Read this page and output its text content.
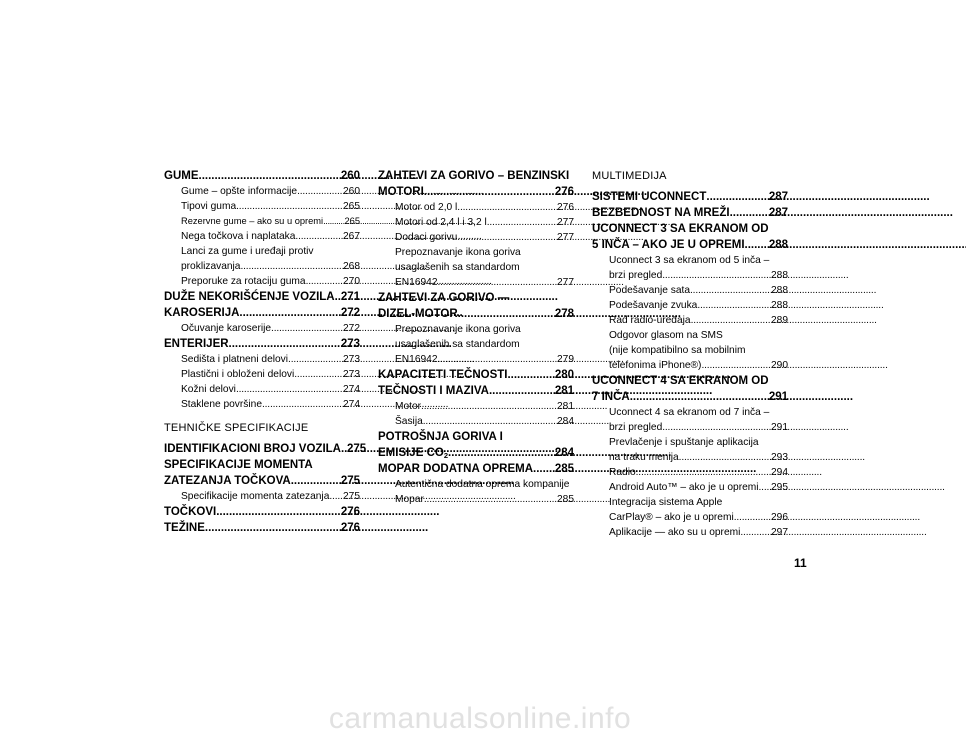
GUME . . .	260
Gume – opšte informacije . . .	260
Tipovi guma . . .	265
Rezervne gume – ako su u opremi . . . 265
Nega točkova i naplataka . . .	267
Lanci za gume i uređaji protiv
proklizavanja . . .	268
Preporuke za rotaciju guma . . .	270
DUŽE NEKORIŠĆENJE VOZILA . . . 271
KAROSERIJA . . .	272
Očuvanje karoserije . . .	272
ENTERIJER . . .	273
Sedišta i platneni delovi . . .	273
Plastični i obloženi delovi . . .	273
Kožni delovi . . .	274
Staklene površine . . .	274
TEHNIČKE SPECIFIKACIJE
IDENTIFIKACIONI BROJ VOZILA . . . 275
SPECIFIKACIJE MOMENTA
ZATEZANJA TOČKOVA . . .	275
Specifikacije momenta zatezanja . . . 275
TOČKOVI . . .	276
TEŽINE . . .	276
ZAHTEVI ZA GORIVO – BENZINSKI
MOTORI . . .	276
Motor od 2,0 l . . .	276
Motori od 2,4 l i 3,2 l . . .	277
Dodaci gorivu . . .	277
Prepoznavanje ikona goriva
usaglašenih sa standardom
EN16942 . . .	277
ZAHTEVI ZA GORIVO —
DIZEL-MOTOR . . .	278
Prepoznavanje ikona goriva
usaglašenih sa standardom
EN16942 . . .	279
KAPACITETI TEČNOSTI . . .	280
TEČNOSTI I MAZIVA . . .	281
Motor . . .	281
Šasija . . .	284
POTROŠNJA GORIVA I
EMISIJE $CO_2$ . . .	284
MOPAR DODATNA OPREMA . . . 285
Autentična dodatna oprema kompanije
Mopar . . .	285
MULTIMEDIJA
SISTEMI UCONNECT . . .	287
BEZBEDNOST NA MREŽI . . .	287
UCONNECT 3 SA EKRANOM OD
5 INČA – AKO JE U OPREMI . . . 288
Uconnect 3 sa ekranom od 5 inča –
brzi pregled . . .	288
Podešavanje sata . . .	288
Podešavanje zvuka . . .	288
Rad radio-uređaja . . .	289
Odgovor glasom na SMS
(nije kompatibilno sa mobilnim
telefonima iPhone®) . . .	290
UCONNECT 4 SA EKRANOM OD
7 INČA . . .	291
Uconnect 4 sa ekranom od 7 inča –
brzi pregled . . .	291
Prevlačenje i spuštanje aplikacija
na traku menija . . .	293
Radio . . .	294
Android Auto™ – ako je u opremi . . . 295
Integracija sistema Apple
CarPlay® – ako je u opremi . . .	296
Aplikacije — ako su u opremi . . .	297
11
carmanualsonline.info
